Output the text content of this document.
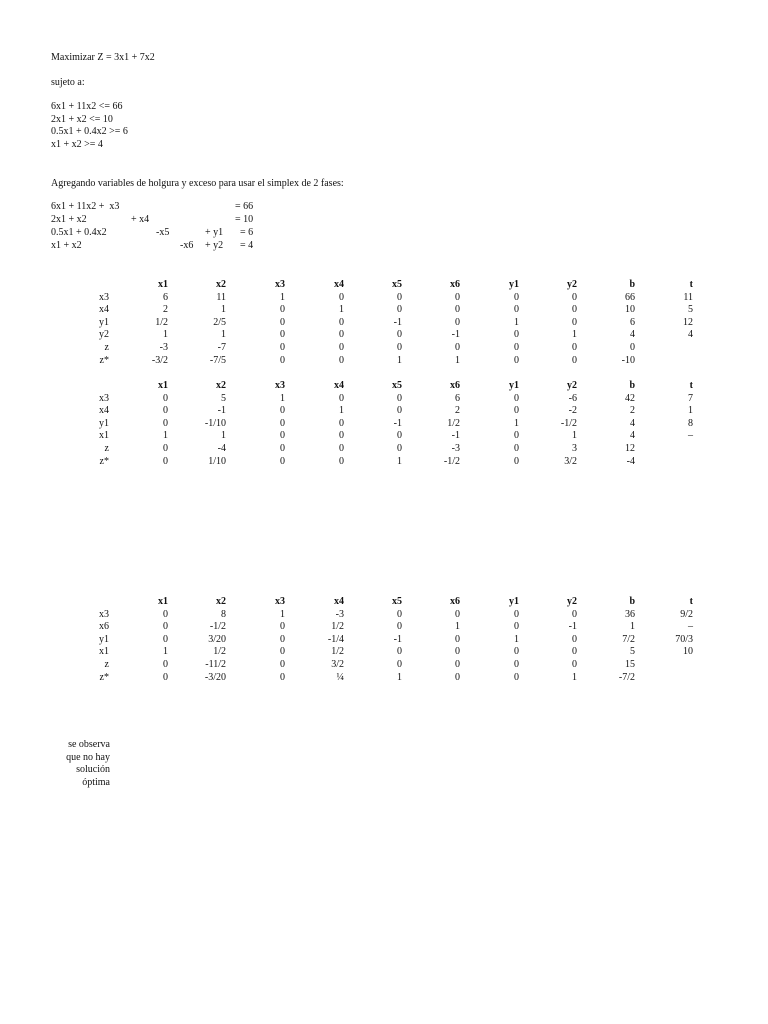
Maximizar Z = 3x1 + 7x2
sujeto a:
6x1 + 11x2 <= 66
2x1 + x2 <= 10
0.5x1 + 0.4x2 >= 6
x1 + x2 >= 4
Agregando variables de holgura y exceso para usar el simplex de 2 fases:
6x1 + 11x2 +  x3	= 66
2x1 + x2	+ x4	= 10
0.5x1 + 0.4x2	-x5	+ y1 = 6
x1 + x2	-x6 + y2 = 4
x1	x2	x3	x4	x5	x6	y1	y2	b	t
x3	6	11	1	0	0	0	0	0	66	11
x4	2	1	0	1	0	0	0	0	10	5
y1	1/2	2/5	0	0	-1	0	1	0	6	12
y2	1	1	0	0	0	-1	0	1	4	4
z	-3	-7	0	0	0	0	0	0	0
z*	-3/2	-7/5	0	0	1	1	0	0	-10
x1	x2	x3	x4	x5	x6	y1	y2	b	t
x3	0	5	1	0	0	6	0	-6	42	7
x4	0	-1	0	1	0	2	0	-2	2	1
y1	0	-1/10	0	0	-1	1/2	1	-1/2	4	8
x1	1	1	0	0	0	-1	0	1	4	–
z	0	-4	0	0	0	-3	0	3	12
z*	0	1/10	0	0	1	-1/2	0	3/2	-4
x1	x2	x3	x4	x5	x6	y1	y2	b	t
x3	0	8	1	-3	0	0	0	0	36	9/2
x6	0	-1/2	0	1/2	0	1	0	-1	1	–
y1	0	3/20	0	-1/4	-1	0	1	0	7/2	70/3
x1	1	1/2	0	1/2	0	0	0	0	5	10
z	0	-11/2	0	3/2	0	0	0	0	15
z*	0	-3/20	0	¼	1	0	0	1	-7/2
se observa
que no hay
solución
óptima
